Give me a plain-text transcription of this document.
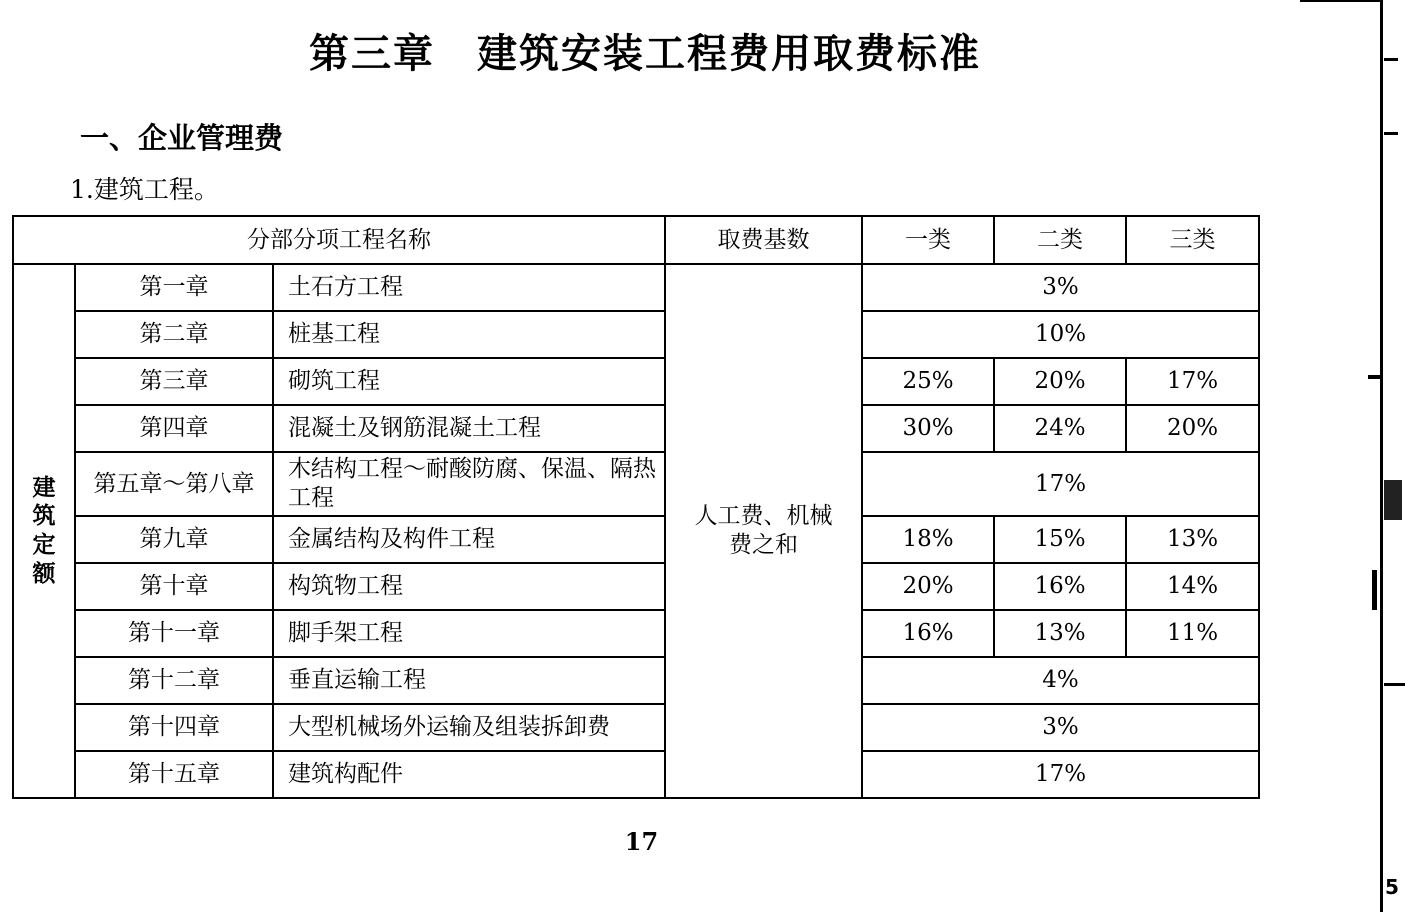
第三章　建筑安装工程费用取费标准
一、企业管理费

1.建筑工程。

分部分项工程名称			取费基数	一类	二类	三类

建筑定额	第一章	土石方工程	人工费、机械费之和	3%		
	第二章	桩基工程		10%		
	第三章	砌筑工程		25%	20%	17%
	第四章	混凝土及钢筋混凝土工程		30%	24%	20%
	第五章～第八章	木结构工程～耐酸防腐、保温、隔热工程		17%		
	第九章	金属结构及构件工程		18%	15%	13%
	第十章	构筑物工程		20%	16%	14%
	第十一章	脚手架工程		16%	13%	11%
	第十二章	垂直运输工程		4%		
	第十四章	大型机械场外运输及组装拆卸费		3%		
	第十五章	建筑构配件		17%		

17

5
